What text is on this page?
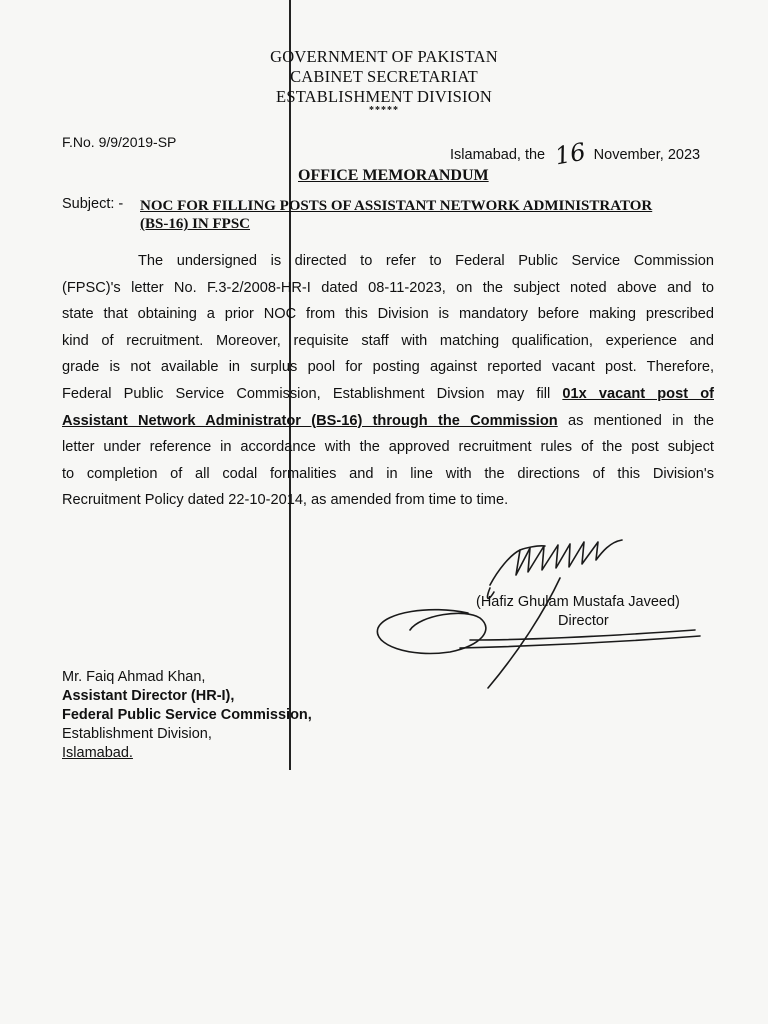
GOVERNMENT OF PAKISTAN
CABINET SECRETARIAT
ESTABLISHMENT DIVISION
*****
F.No. 9/9/2019-SP
Islamabad, the 16 November, 2023
OFFICE MEMORANDUM
Subject: - NOC FOR FILLING POSTS OF ASSISTANT NETWORK ADMINISTRATOR
(BS-16) IN FPSC
The undersigned is directed to refer to Federal Public Service Commission
(FPSC)'s letter No. F.3-2/2008-HR-I dated 08-11-2023, on the subject noted above and to
state that obtaining a prior NOC from this Division is mandatory before making prescribed
kind of recruitment. Moreover, requisite staff with matching qualification, experience and
grade is not available in surplus pool for posting against reported vacant post. Therefore,
Federal Public Service Commission, Establishment Divsion may fill 01x vacant post of
Assistant Network Administrator (BS-16) through the Commission as mentioned in the
letter under reference in accordance with the approved recruitment rules of the post subject
to completion of all codal formalities and in line with the directions of this Division's
Recruitment Policy dated 22-10-2014, as amended from time to time.
(Hafiz Ghulam Mustafa Javeed)
Director
Mr. Faiq Ahmad Khan,
Assistant Director (HR-I),
Federal Public Service Commission,
Establishment Division,
Islamabad.
